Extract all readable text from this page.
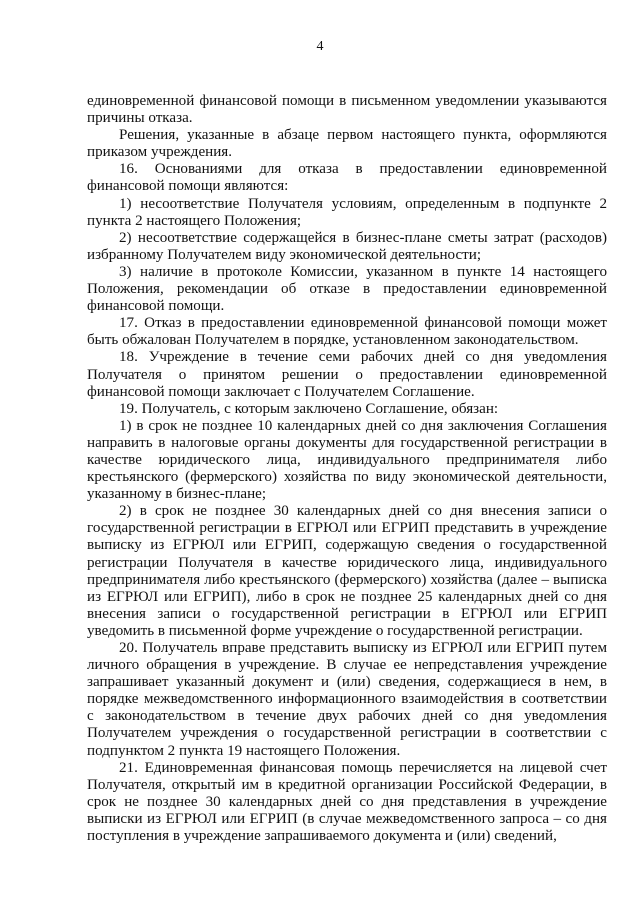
4

единовременной финансовой помощи в письменном уведомлении указываются причины отказа.

Решения, указанные в абзаце первом настоящего пункта, оформляются приказом учреждения.

16. Основаниями для отказа в предоставлении единовременной финансовой помощи являются:

1) несоответствие Получателя условиям, определенным в подпункте 2 пункта 2 настоящего Положения;

2) несоответствие содержащейся в бизнес-плане сметы затрат (расходов) избранному Получателем виду экономической деятельности;

3) наличие в протоколе Комиссии, указанном в пункте 14 настоящего Положения, рекомендации об отказе в предоставлении единовременной финансовой помощи.

17. Отказ в предоставлении единовременной финансовой помощи может быть обжалован Получателем в порядке, установленном законодательством.

18. Учреждение в течение семи рабочих дней со дня уведомления Получателя о принятом решении о предоставлении единовременной финансовой помощи заключает с Получателем Соглашение.

19. Получатель, с которым заключено Соглашение, обязан:

1) в срок не позднее 10 календарных дней со дня заключения Соглашения направить в налоговые органы документы для государственной регистрации в качестве юридического лица, индивидуального предпринимателя либо крестьянского (фермерского) хозяйства по виду экономической деятельности, указанному в бизнес-плане;

2) в срок не позднее 30 календарных дней со дня внесения записи о государственной регистрации в ЕГРЮЛ или ЕГРИП представить в учреждение выписку из ЕГРЮЛ или ЕГРИП, содержащую сведения о государственной регистрации Получателя в качестве юридического лица, индивидуального предпринимателя либо крестьянского (фермерского) хозяйства (далее – выписка из ЕГРЮЛ или ЕГРИП), либо в срок не позднее 25 календарных дней со дня внесения записи о государственной регистрации в ЕГРЮЛ или ЕГРИП уведомить в письменной форме учреждение о государственной регистрации.

20. Получатель вправе представить выписку из ЕГРЮЛ или ЕГРИП путем личного обращения в учреждение. В случае ее непредставления учреждение запрашивает указанный документ и (или) сведения, содержащиеся в нем, в порядке межведомственного информационного взаимодействия в соответствии с законодательством в течение двух рабочих дней со дня уведомления Получателем учреждения о государственной регистрации в соответствии с подпунктом 2 пункта 19 настоящего Положения.

21. Единовременная финансовая помощь перечисляется на лицевой счет Получателя, открытый им в кредитной организации Российской Федерации, в срок не позднее 30 календарных дней со дня представления в учреждение выписки из ЕГРЮЛ или ЕГРИП (в случае межведомственного запроса – со дня поступления в учреждение запрашиваемого документа и (или) сведений,
